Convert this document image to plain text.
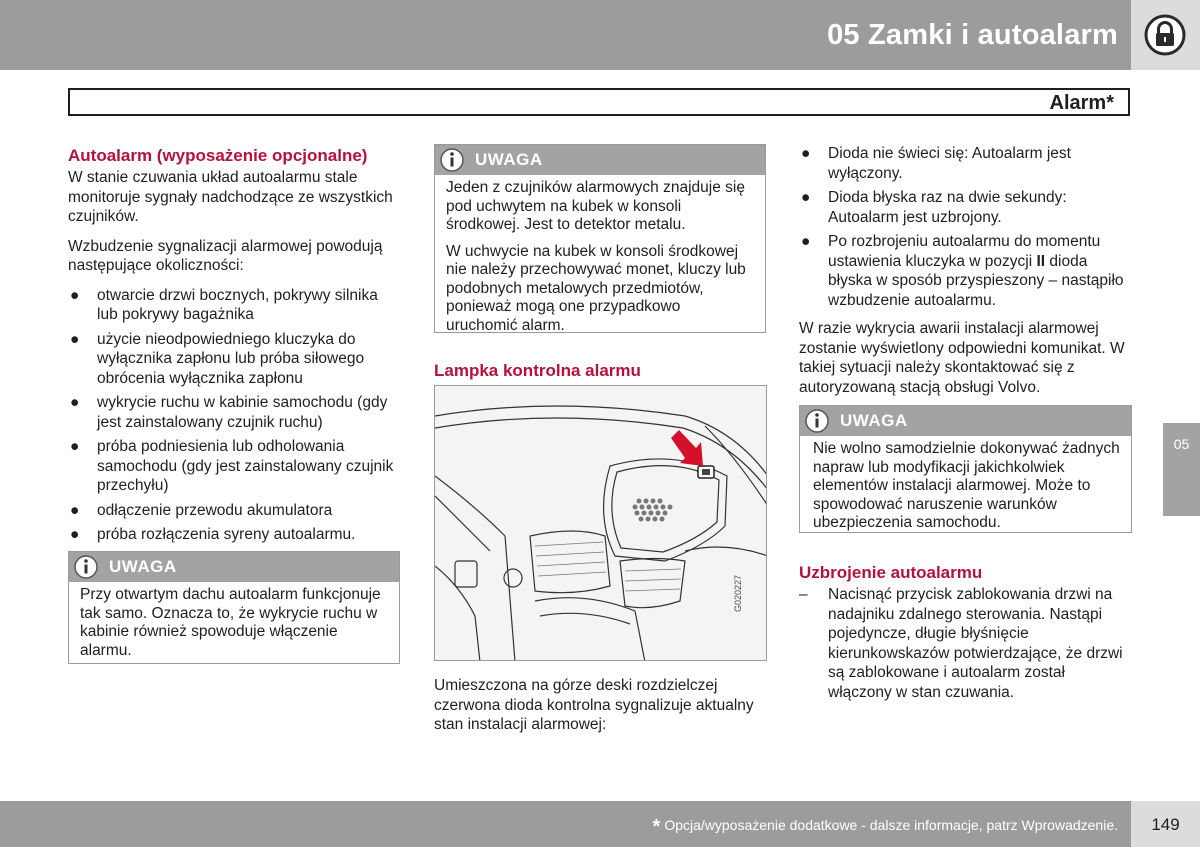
05 Zamki i autoalarm
Alarm*
Autoalarm (wyposażenie opcjonalne)

W stanie czuwania układ autoalarmu stale monitoruje sygnały nadchodzące ze wszystkich czujników.

Wzbudzenie sygnalizacji alarmowej powodują następujące okoliczności:

● otwarcie drzwi bocznych, pokrywy silnika lub pokrywy bagażnika
● użycie nieodpowiedniego kluczyka do wyłącznika zapłonu lub próba siłowego obrócenia wyłącznika zapłonu
● wykrycie ruchu w kabinie samochodu (gdy jest zainstalowany czujnik ruchu)
● próba podniesienia lub odholowania samochodu (gdy jest zainstalowany czujnik przechyłu)
● odłączenie przewodu akumulatora
● próba rozłączenia syreny autoalarmu.
UWAGA
Przy otwartym dachu autoalarm funkcjonuje tak samo. Oznacza to, że wykrycie ruchu w kabinie również spowoduje włączenie alarmu.
UWAGA

Jeden z czujników alarmowych znajduje się pod uchwytem na kubek w konsoli środkowej. Jest to detektor metalu.

W uchwycie na kubek w konsoli środkowej nie należy przechowywać monet, kluczy lub podobnych metalowych przedmiotów, ponieważ mogą one przypadkowo uruchomić alarm.

Lampka kontrolna alarmu
G020227

Umieszczona na górze deski rozdzielczej czerwona dioda kontrolna sygnalizuje aktualny stan instalacji alarmowej:

● Dioda nie świeci się: Autoalarm jest wyłączony.
● Dioda błyska raz na dwie sekundy: Autoalarm jest uzbrojony.
● Po rozbrojeniu autoalarmu do momentu ustawienia kluczyka w pozycji II dioda błyska w sposób przyspieszony – nastąpiło wzbudzenie autoalarmu.

W razie wykrycia awarii instalacji alarmowej zostanie wyświetlony odpowiedni komunikat. W takiej sytuacji należy skontaktować się z autoryzowaną stacją obsługi Volvo.

UWAGA
Nie wolno samodzielnie dokonywać żadnych napraw lub modyfikacji jakichkolwiek elementów instalacji alarmowej. Może to spowodować naruszenie warunków ubezpieczenia samochodu.
Uzbrojenie autoalarmu
– Nacisnąć przycisk zablokowania drzwi na nadajniku zdalnego sterowania. Nastąpi pojedyncze, długie błyśnięcie kierunkowskazów potwierdzające, że drzwi są zablokowane i autoalarm został włączony w stan czuwania.

05
* Opcja/wyposażenie dodatkowe - dalsze informacje, patrz Wprowadzenie.	149
